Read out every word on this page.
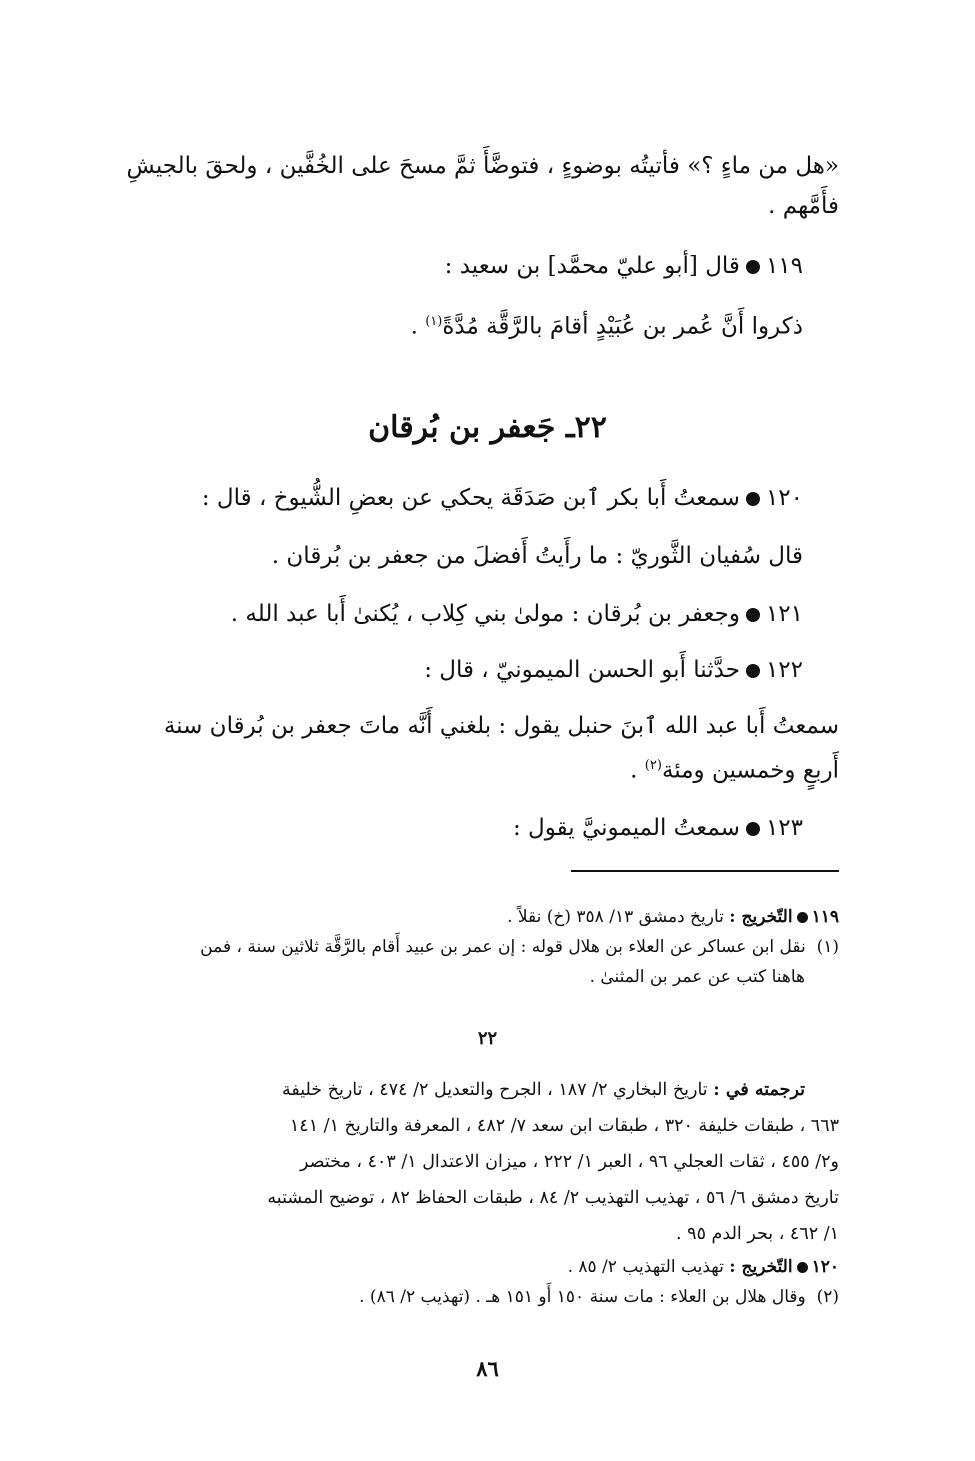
«هل من ماءٍ ؟» فأتيتُه بوضوءٍ ، فتوضَّأَ ثمَّ مسحَ على الخُفَّين ، ولحقَ بالجيشِ
فأَمَّهم .
١١٩قال [أبو عليّ محمَّد] بن سعيد :
ذكروا أَنَّ عُمر بن عُبَيْدٍ أقامَ بالرَّقَّة مُدَّةً$^{(١)}$ .
٢٢ـ جَعفر بن بُرقان
١٢٠سمعتُ أَبا بكر ٱبن صَدَقَة يحكي عن بعضِ الشُّيوخ ، قال :
قال سُفيان الثَّوريّ : ما رأَيتُ أَفضلَ من جعفر بن بُرقان .
١٢١وجعفر بن بُرقان : مولىٰ بني كِلاب ، يُكنىٰ أَبا عبد الله .
١٢٢حدَّثنا أَبو الحسن الميمونيّ ، قال :
سمعتُ أَبا عبد الله ٱبنَ حنبل يقول : بلغني أَنَّه ماتَ جعفر بن بُرقان سنة
أَربعٍ وخمسين ومئة$^{(٢)}$ .
١٢٣سمعتُ الميمونيَّ يقول :
١١٩التّخريج : تاريخ دمشق ١٣/ ٣٥٨ (خ) نقلاً .
(١)  نقل ابن عساكر عن العلاء بن هلال قوله : إن عمر بن عبيد أَقام بالرَّقَّة ثلاثين سنة ، فمن
هاهنا كتب عن عمر بن المثنىٰ .
٢٢
ترجمته في : تاريخ البخاري ٢/ ١٨٧ ، الجرح والتعديل ٢/ ٤٧٤ ، تاريخ خليفة
٦٦٣ ، طبقات خليفة ٣٢٠ ، طبقات ابن سعد ٧/ ٤٨٢ ، المعرفة والتاريخ ١/ ١٤١
و٢/ ٤٥٥ ، ثقات العجلي ٩٦ ، العبر ١/ ٢٢٢ ، ميزان الاعتدال ١/ ٤٠٣ ، مختصر
تاريخ دمشق ٦/ ٥٦ ، تهذيب التهذيب ٢/ ٨٤ ، طبقات الحفاظ ٨٢ ، توضيح المشتبه
١/ ٤٦٢ ، بحر الدم ٩٥ .
١٢٠التّخريج : تهذيب التهذيب ٢/ ٨٥ .
(٢)  وقال هلال بن العلاء : مات سنة ١٥٠ أَو ١٥١ هـ . (تهذيب ٢/ ٨٦) .
٨٦
